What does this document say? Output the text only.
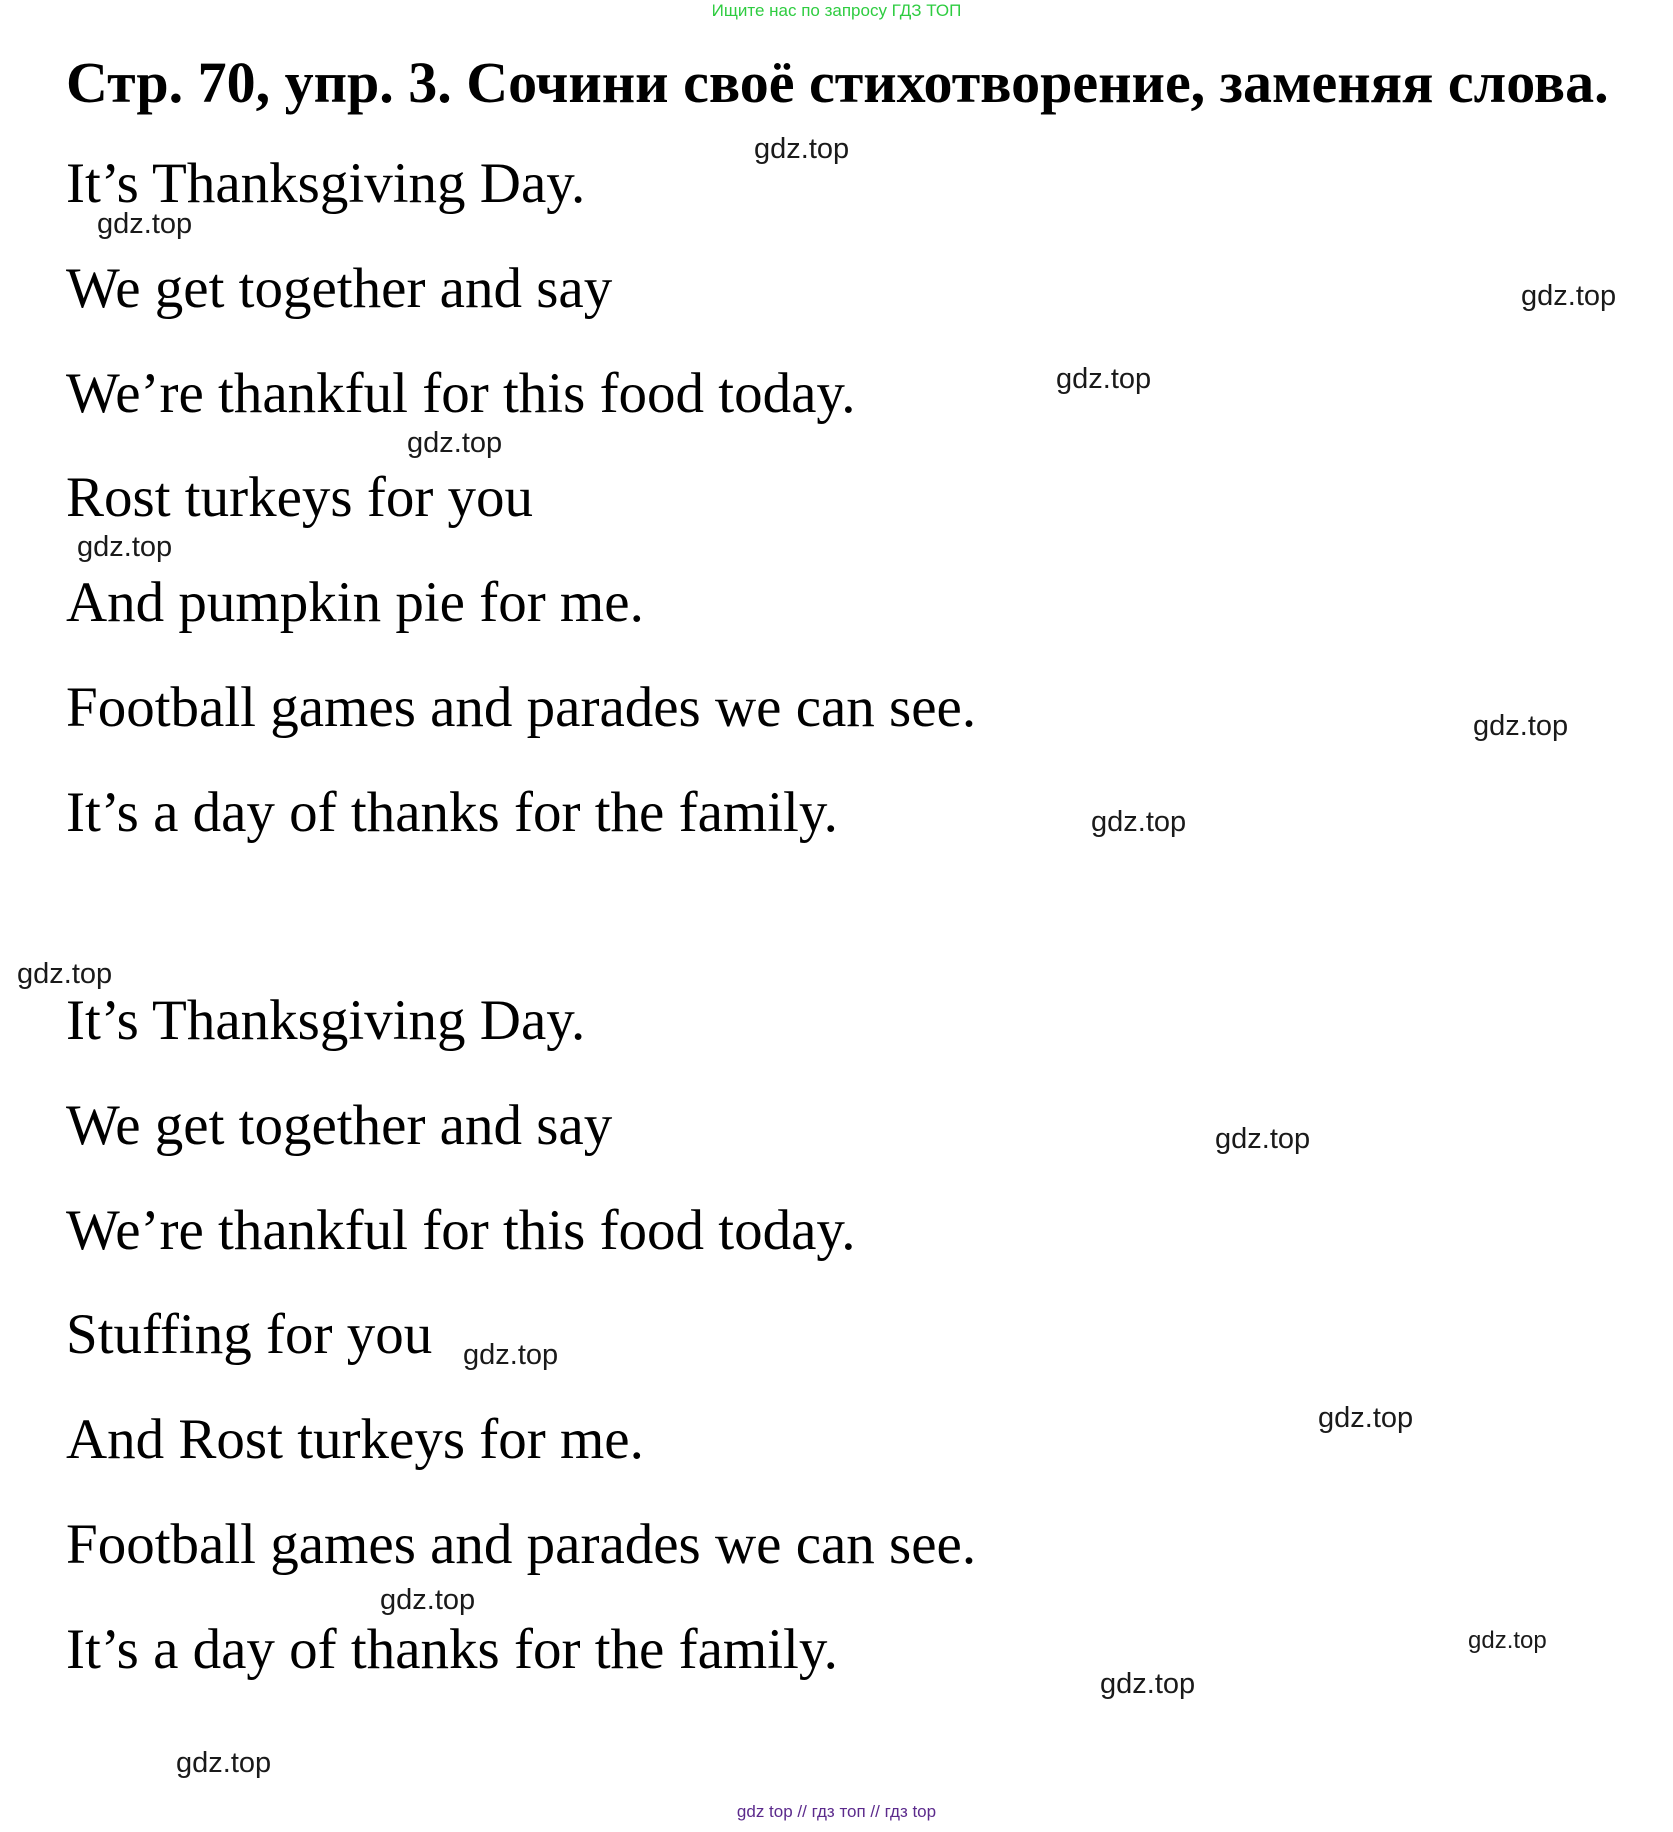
Ищите нас по запросу ГДЗ ТОП
Стр. 70, упр. 3. Сочини своё стихотворение, заменяя слова.
It’s Thanksgiving Day.
We get together and say
We’re thankful for this food today.
Rost turkeys for you
And pumpkin pie for me.
Football games and parades we can see.
It’s a day of thanks for the family.
It’s Thanksgiving Day.
We get together and say
We’re thankful for this food today.
Stuffing for you
And Rost turkeys for me.
Football games and parades we can see.
It’s a day of thanks for the family.
gdz.top
gdz.top
gdz.top
gdz.top
gdz.top
gdz.top
gdz.top
gdz.top
gdz.top
gdz.top
gdz.top
gdz.top
gdz.top
gdz.top
gdz.top
gdz.top
gdz top // гдз топ // гдз top
